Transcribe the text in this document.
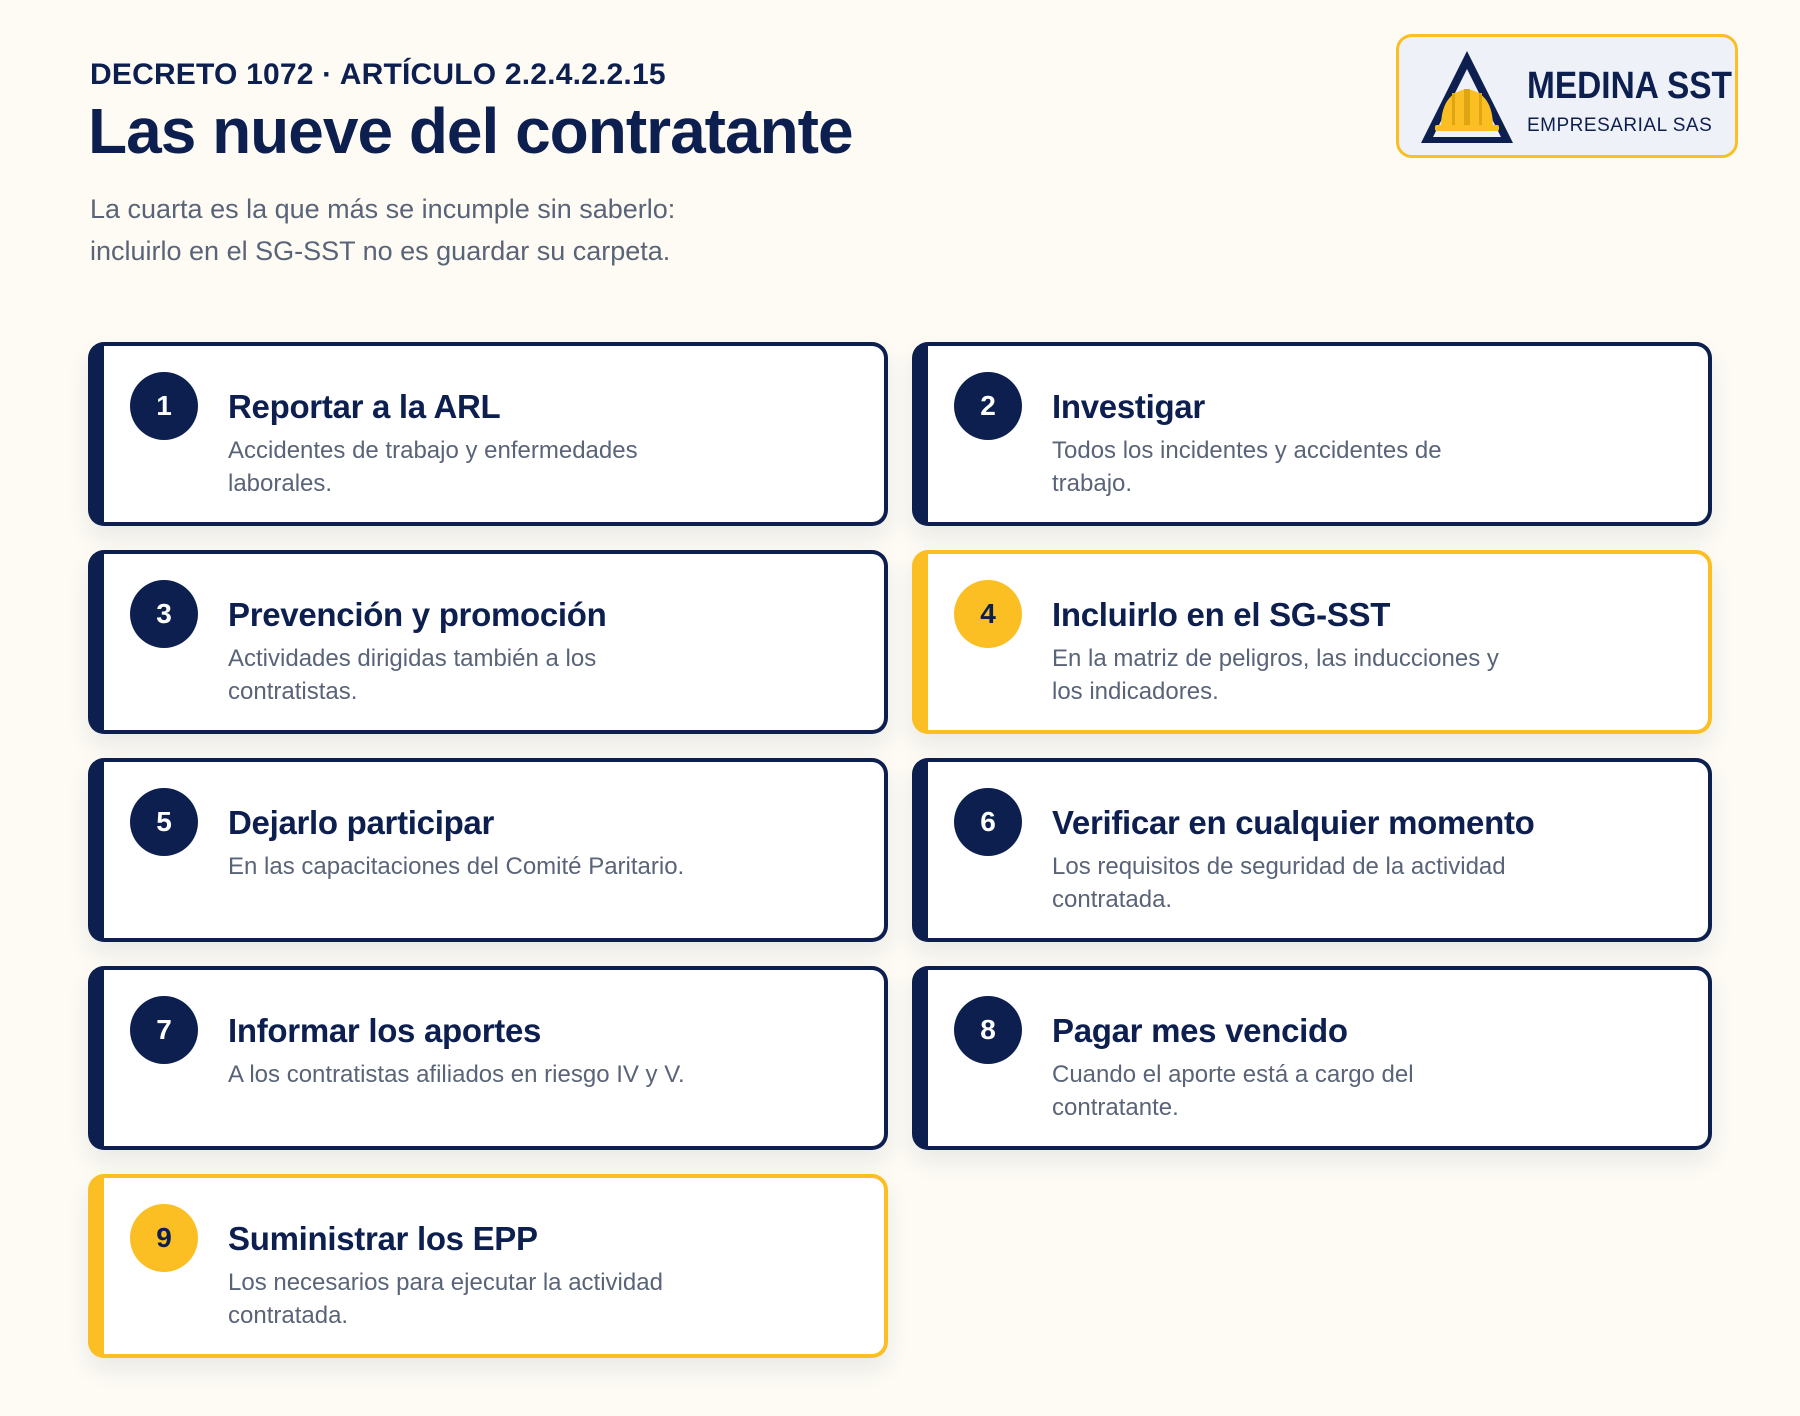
DECRETO 1072 · ARTÍCULO 2.2.4.2.2.15
Las nueve del contratante
La cuarta es la que más se incumple sin saberlo:
incluirlo en el SG-SST no es guardar su carpeta.
MEDINA SST
EMPRESARIAL SAS
1	Reportar a la ARL
Accidentes de trabajo y enfermedades laborales.
2	Investigar
Todos los incidentes y accidentes de trabajo.
3	Prevención y promoción
Actividades dirigidas también a los contratistas.
4	Incluirlo en el SG-SST
En la matriz de peligros, las inducciones y los indicadores.
5	Dejarlo participar
En las capacitaciones del Comité Paritario.
6	Verificar en cualquier momento
Los requisitos de seguridad de la actividad contratada.
7	Informar los aportes
A los contratistas afiliados en riesgo IV y V.
8	Pagar mes vencido
Cuando el aporte está a cargo del contratante.
9	Suministrar los EPP
Los necesarios para ejecutar la actividad contratada.
